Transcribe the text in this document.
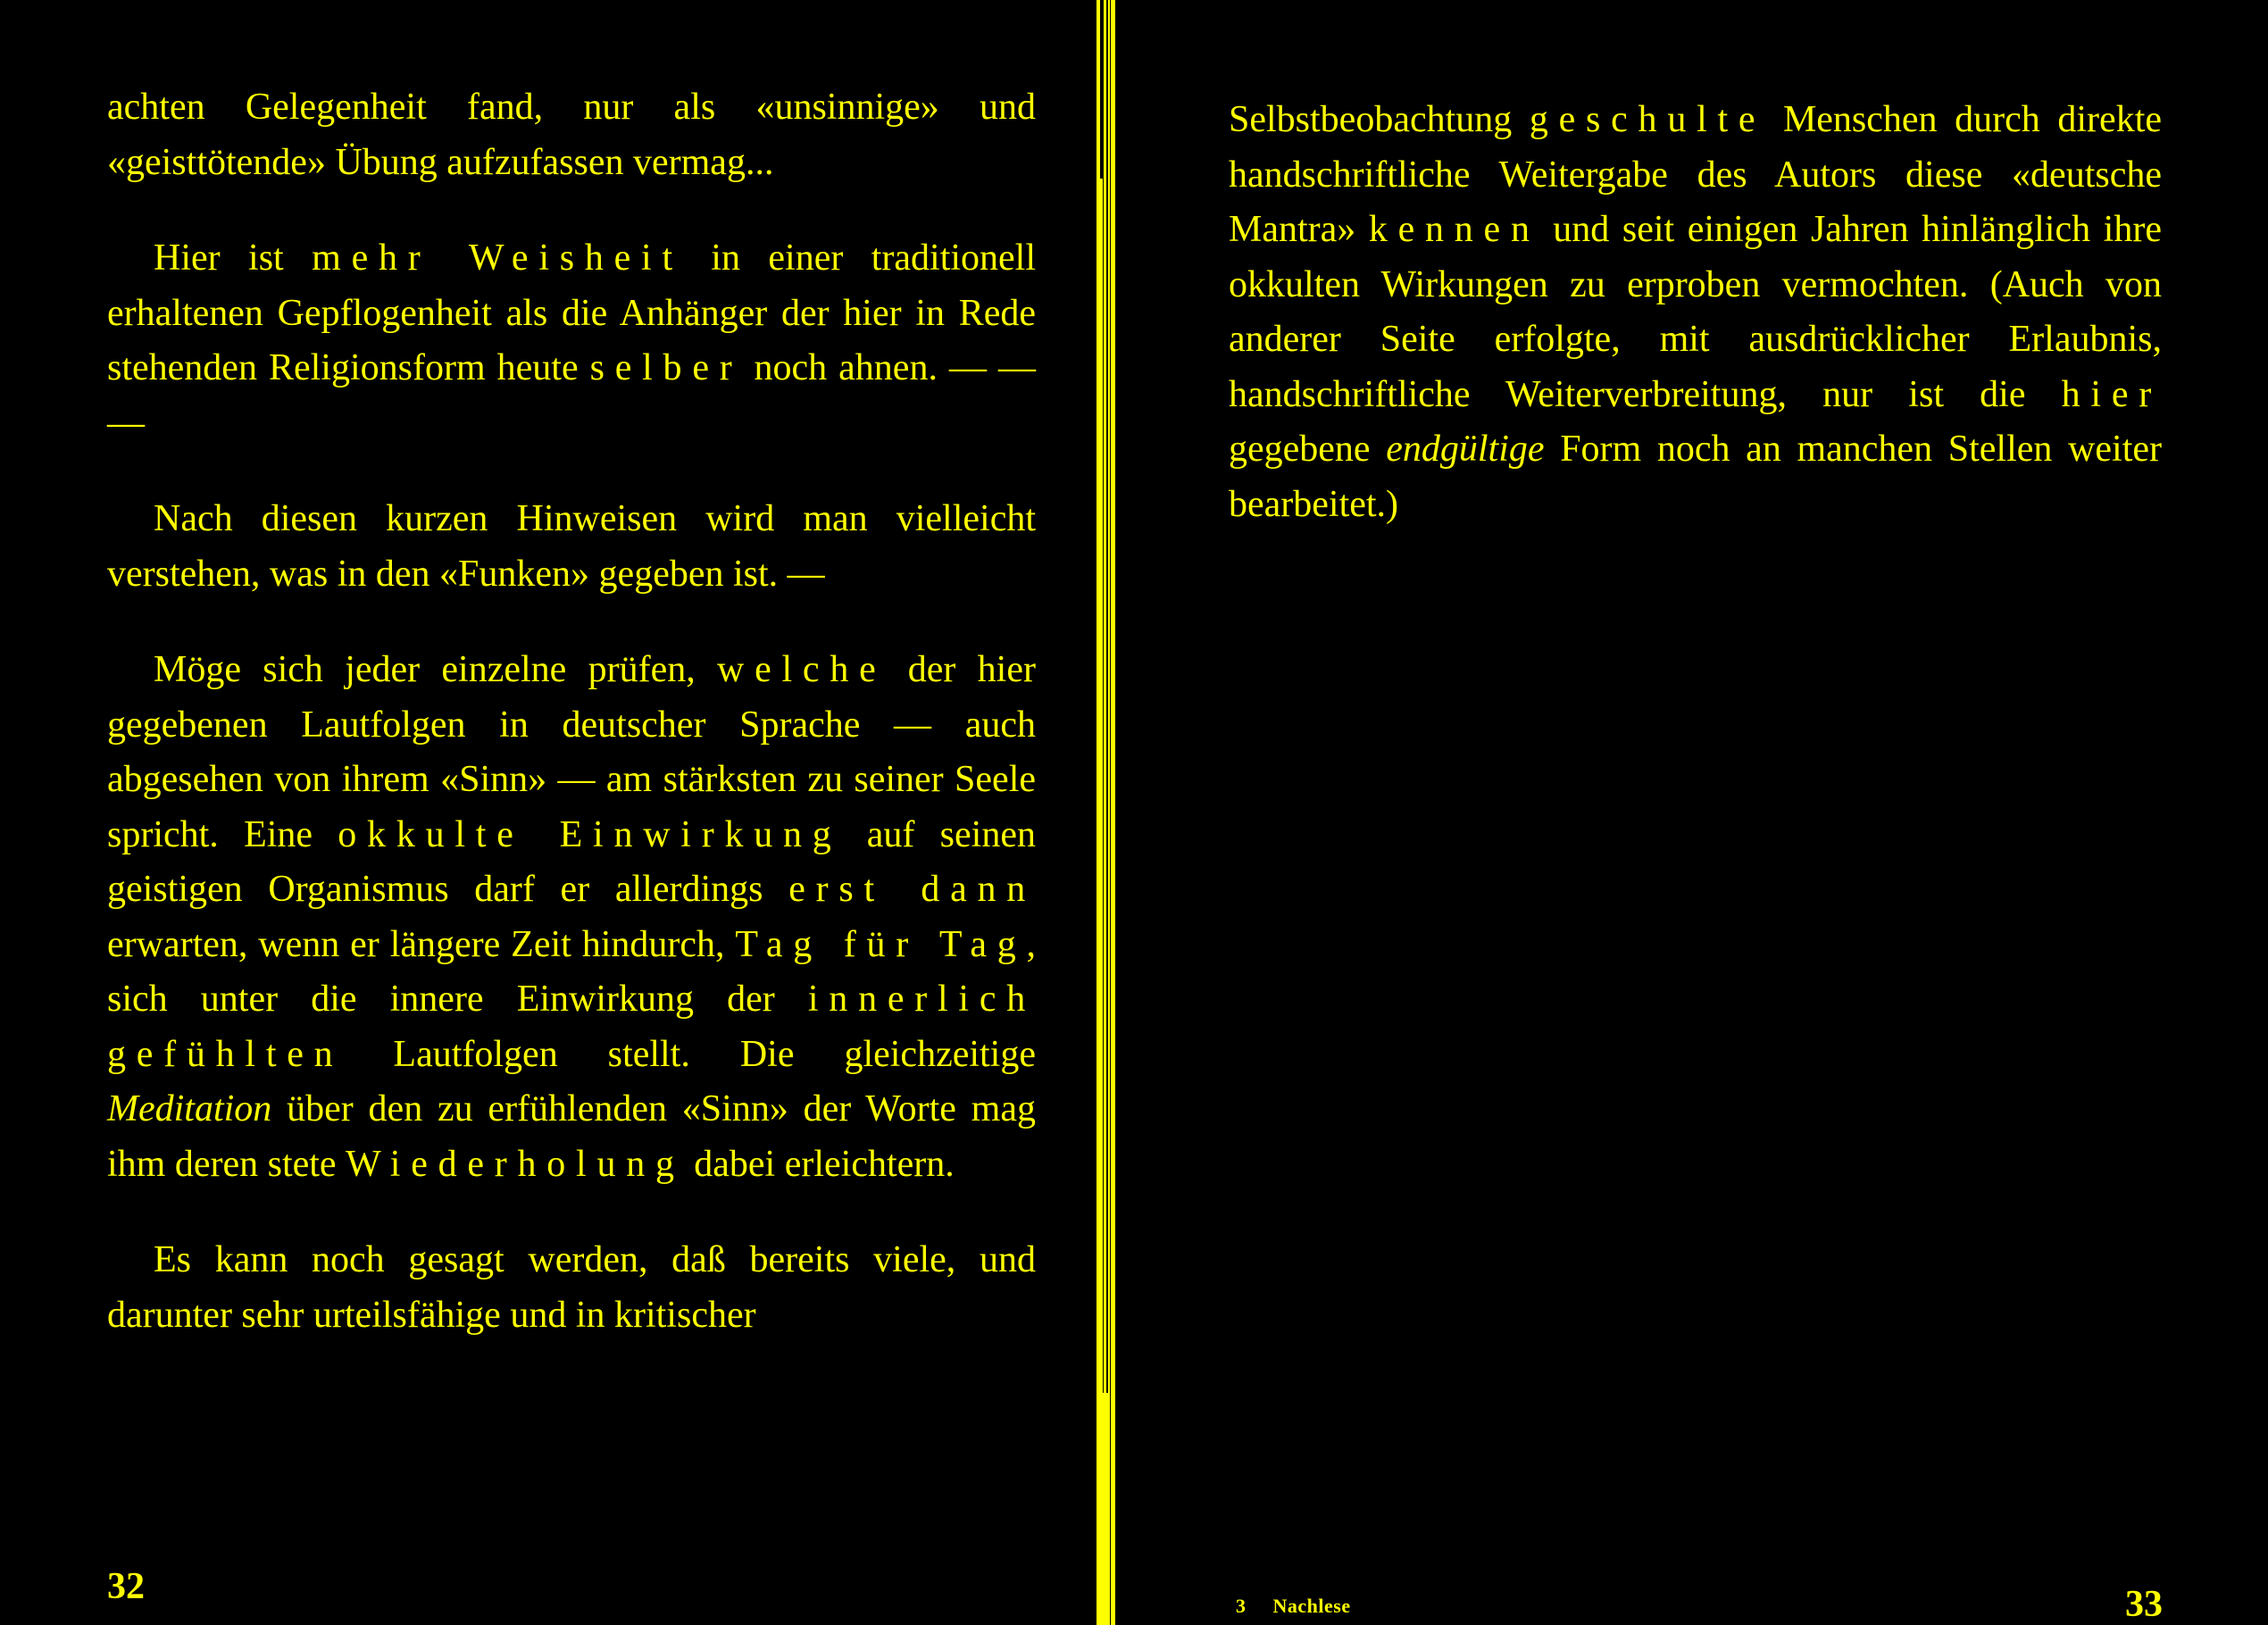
achten Gelegenheit fand, nur als «unsinnige» und «geisttötende» Übung aufzufassen vermag...

Hier ist mehr Weisheit in einer traditionell erhaltenen Gepflogenheit als die Anhänger der hier in Rede stehenden Religionsform heute selber noch ahnen. — — —

Nach diesen kurzen Hinweisen wird man vielleicht verstehen, was in den «Funken» gegeben ist. —

Möge sich jeder einzelne prüfen, welche der hier gegebenen Lautfolgen in deutscher Sprache — auch abgesehen von ihrem «Sinn» — am stärksten zu seiner Seele spricht. Eine okkulte Einwirkung auf seinen geistigen Organismus darf er allerdings erst dann erwarten, wenn er längere Zeit hindurch, Tag für Tag, sich unter die innere Einwirkung der innerlich gefühlten Lautfolgen stellt. Die gleichzeitige Meditation über den zu erfühlenden «Sinn» der Worte mag ihm deren stete Wiederholung dabei erleichtern.

Es kann noch gesagt werden, daß bereits viele, und darunter sehr urteilsfähige und in kritischer

32

Selbstbeobachtung geschulte Menschen durch direkte handschriftliche Weitergabe des Autors diese «deutsche Mantra» kennen und seit einigen Jahren hinlänglich ihre okkulten Wirkungen zu erproben vermochten. (Auch von anderer Seite erfolgte, mit ausdrücklicher Erlaubnis, handschriftliche Weiterverbreitung, nur ist die hier gegebene endgültige Form noch an manchen Stellen weiter bearbeitet.)

3 Nachlese	33
